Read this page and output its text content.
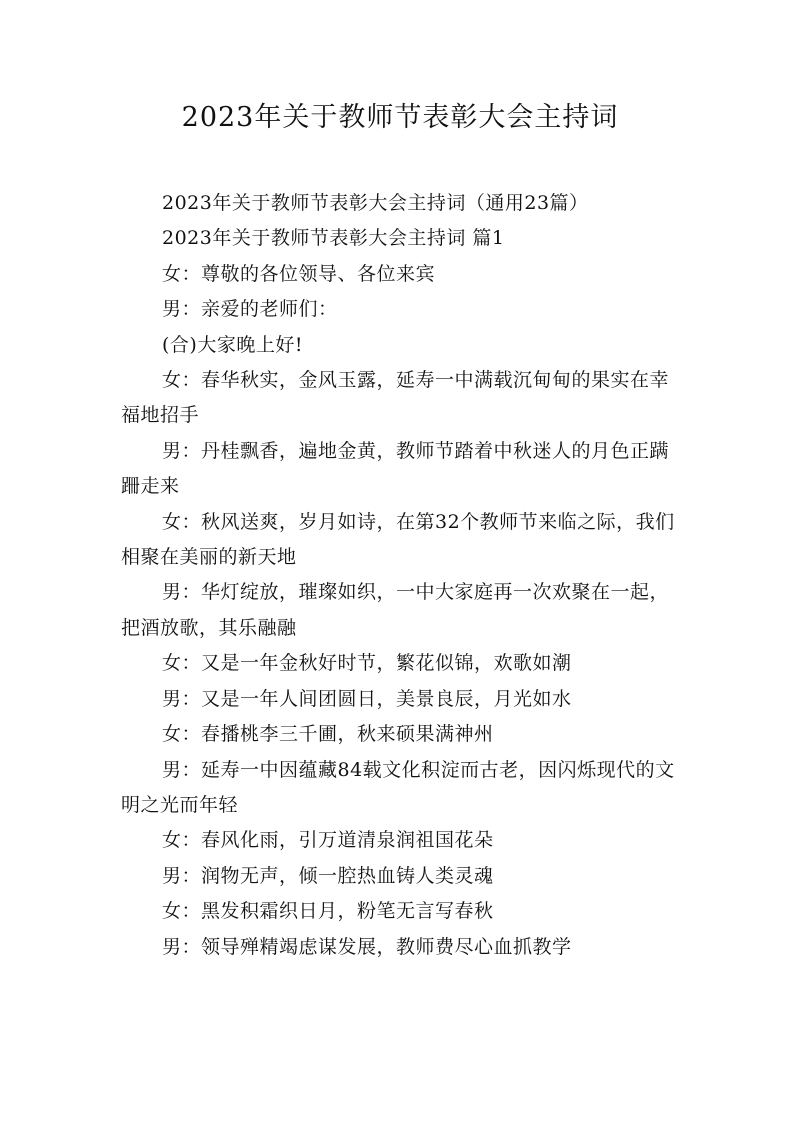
2023年关于教师节表彰大会主持词

2023年关于教师节表彰大会主持词（通用23篇）

2023年关于教师节表彰大会主持词 篇1

女：尊敬的各位领导、各位来宾

男：亲爱的老师们：

(合)大家晚上好!

女：春华秋实，金风玉露，延寿一中满载沉甸甸的果实在幸福地招手

男：丹桂飘香，遍地金黄，教师节踏着中秋迷人的月色正蹒跚走来

女：秋风送爽，岁月如诗，在第32个教师节来临之际，我们相聚在美丽的新天地

男：华灯绽放，璀璨如织，一中大家庭再一次欢聚在一起，把酒放歌，其乐融融

女：又是一年金秋好时节，繁花似锦，欢歌如潮

男：又是一年人间团圆日，美景良辰，月光如水

女：春播桃李三千圃，秋来硕果满神州

男：延寿一中因蕴藏84载文化积淀而古老，因闪烁现代的文明之光而年轻

女：春风化雨，引万道清泉润祖国花朵

男：润物无声，倾一腔热血铸人类灵魂

女：黑发积霜织日月，粉笔无言写春秋

男：领导殚精竭虑谋发展，教师费尽心血抓教学
